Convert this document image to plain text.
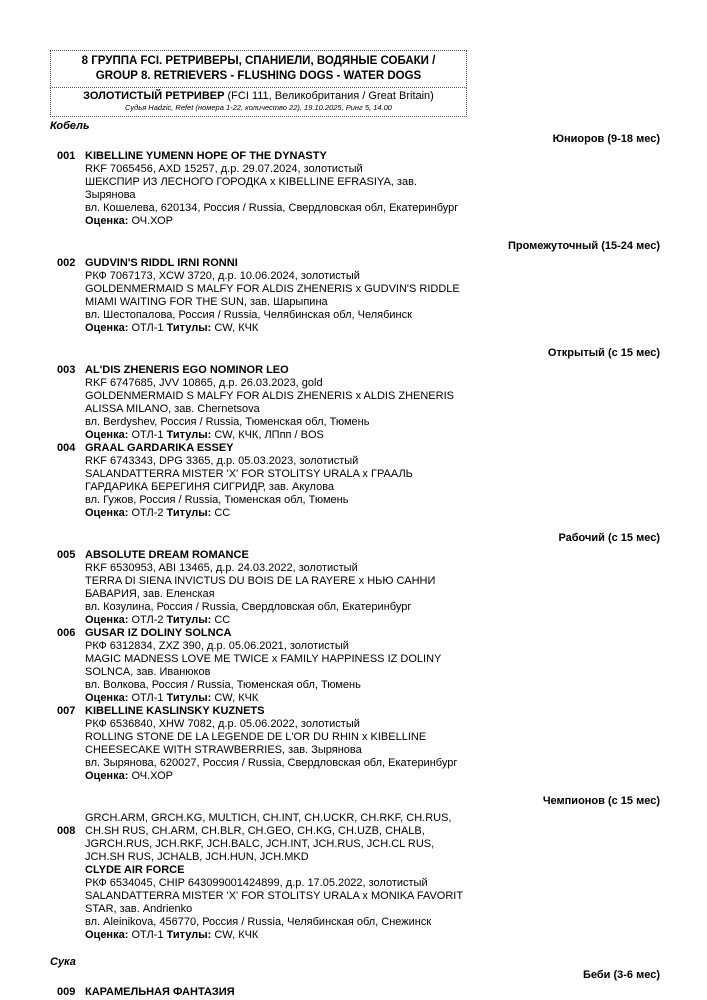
8 ГРУППА FCI. РЕТРИВЕРЫ, СПАНИЕЛИ, ВОДЯНЫЕ СОБАКИ /
GROUP 8. RETRIEVERS - FLUSHING DOGS - WATER DOGS
ЗОЛОТИСТЫЙ РЕТРИВЕР (FCI 111, Великобритания / Great Britain)
Судья Hadzic, Refet (номера 1-22, количество 22), 19.10.2025, Ринг 5, 14.00
Кобель
Юниоров (9-18 мес)
001 KIBELLINE YUMENN HOPE OF THE DYNASTY
RKF 7065456, AXD 15257, д.р. 29.07.2024, золотистый
ШЕКСПИР ИЗ ЛЕСНОГО ГОРОДКА x KIBELLINE EFRASIYA, зав.
Зырянова
вл. Кошелева, 620134, Россия / Russia, Свердловская обл, Екатеринбург
Оценка: ОЧ.ХОР
Промежуточный (15-24 мес)
002 GUDVIN'S RIDDL IRNI RONNI
РКФ 7067173, XCW 3720, д.р. 10.06.2024, золотистый
GOLDENMERMAID S MALFY FOR ALDIS ZHENERIS x GUDVIN'S RIDDLE
MIAMI WAITING FOR THE SUN, зав. Шарыпина
вл. Шестопалова, Россия / Russia, Челябинская обл, Челябинск
Оценка: ОТЛ-1 Титулы: CW, КЧК
Открытый (с 15 мес)
003 AL'DIS ZHENERIS EGO NOMINOR LEO
RKF 6747685, JVV 10865, д.р. 26.03.2023, gold
GOLDENMERMAID S MALFY FOR ALDIS ZHENERIS x ALDIS ZHENERIS
ALISSA MILANO, зав. Chernetsova
вл. Berdyshev, Россия / Russia, Тюменская обл, Тюмень
Оценка: ОТЛ-1 Титулы: CW, КЧК, ЛПпп / BOS
004 GRAAL GARDARIKA ESSEY
RKF 6743343, DPG 3365, д.р. 05.03.2023, золотистый
SALANDATTERRA MISTER 'X' FOR STOLITSY URALA x ГРААЛЬ
ГАРДАРИКА БЕРЕГИНЯ СИГРИДР, зав. Акулова
вл. Гужов, Россия / Russia, Тюменская обл, Тюмень
Оценка: ОТЛ-2 Титулы: СС
Рабочий (с 15 мес)
005 ABSOLUTE DREAM ROMANCE
RKF 6530953, ABI 13465, д.р. 24.03.2022, золотистый
TERRA DI SIENA INVICTUS DU BOIS DE LA RAYERE x НЬЮ САННИ
БАВАРИЯ, зав. Еленская
вл. Козулина, Россия / Russia, Свердловская обл, Екатеринбург
Оценка: ОТЛ-2 Титулы: СС
006 GUSAR IZ DOLINY SOLNCA
РКФ 6312834, ZXZ 390, д.р. 05.06.2021, золотистый
MAGIC MADNESS LOVE ME TWICE x FAMILY HAPPINESS IZ DOLINY
SOLNCA, зав. Иванюков
вл. Волкова, Россия / Russia, Тюменская обл, Тюмень
Оценка: ОТЛ-1 Титулы: CW, КЧК
007 KIBELLINE KASLINSKY KUZNETS
РКФ 6536840, XHW 7082, д.р. 05.06.2022, золотистый
ROLLING STONE DE LA LEGENDE DE L'OR DU RHIN x KIBELLINE
CHEESECAKE WITH STRAWBERRIES, зав. Зырянова
вл. Зырянова, 620027, Россия / Russia, Свердловская обл, Екатеринбург
Оценка: ОЧ.ХОР
Чемпионов (с 15 мес)
008
GRCH.ARM, GRCH.KG, MULTICH, CH.INT, CH.UCKR, CH.RKF, CH.RUS,
CH.SH RUS, CH.ARM, CH.BLR, CH.GEO, CH.KG, CH.UZB, CHALB,
JGRCH.RUS, JCH.RKF, JCH.BALC, JCH.INT, JCH.RUS, JCH.CL RUS,
JCH.SH RUS, JCHALB, JCH.HUN, JCH.MKD
CLYDE AIR FORCE
РКФ 6534045, CHIP 643099001424899, д.р. 17.05.2022, золотистый
SALANDATTERRA MISTER 'X' FOR STOLITSY URALA x MONIKA FAVORIT
STAR, зав. Andrienko
вл. Aleinikova, 456770, Россия / Russia, Челябинская обл, Снежинск
Оценка: ОТЛ-1 Титулы: CW, КЧК
Сука
Беби (3-6 мес)
009 КАРАМЕЛЬНАЯ ФАНТАЗИЯ
